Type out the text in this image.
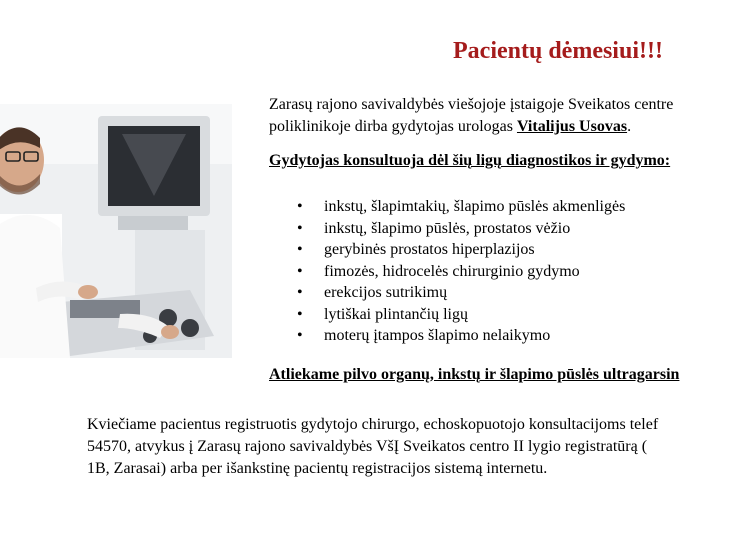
Pacientų dėmesiui!!!
Zarasų rajono savivaldybės viešojoje įstaigoje Sveikatos centre
poliklinikoje dirba gydytojas urologas Vitalijus Usovas.
Gydytojas konsultuoja dėl šių ligų diagnostikos ir gydymo:
• inkstų, šlapimtakių, šlapimo pūslės akmenligės
• inkstų, šlapimo pūslės, prostatos vėžio
• gerybinės prostatos hiperplazijos
• fimozės, hidrocelės chirurginio gydymo
• erekcijos sutrikimų
• lytiškai plintančių ligų
• moterų įtampos šlapimo nelaikymo
Atliekame pilvo organų, inkstų ir šlapimo pūslės ultragarsin
Kviečiame pacientus registruotis gydytojo chirurgo, echoskopuotojo konsultacijoms telef
54570, atvykus į Zarasų rajono savivaldybės VšĮ Sveikatos centro II lygio registratūrą (
1B, Zarasai) arba per išankstinę pacientų registracijos sistemą internetu.
